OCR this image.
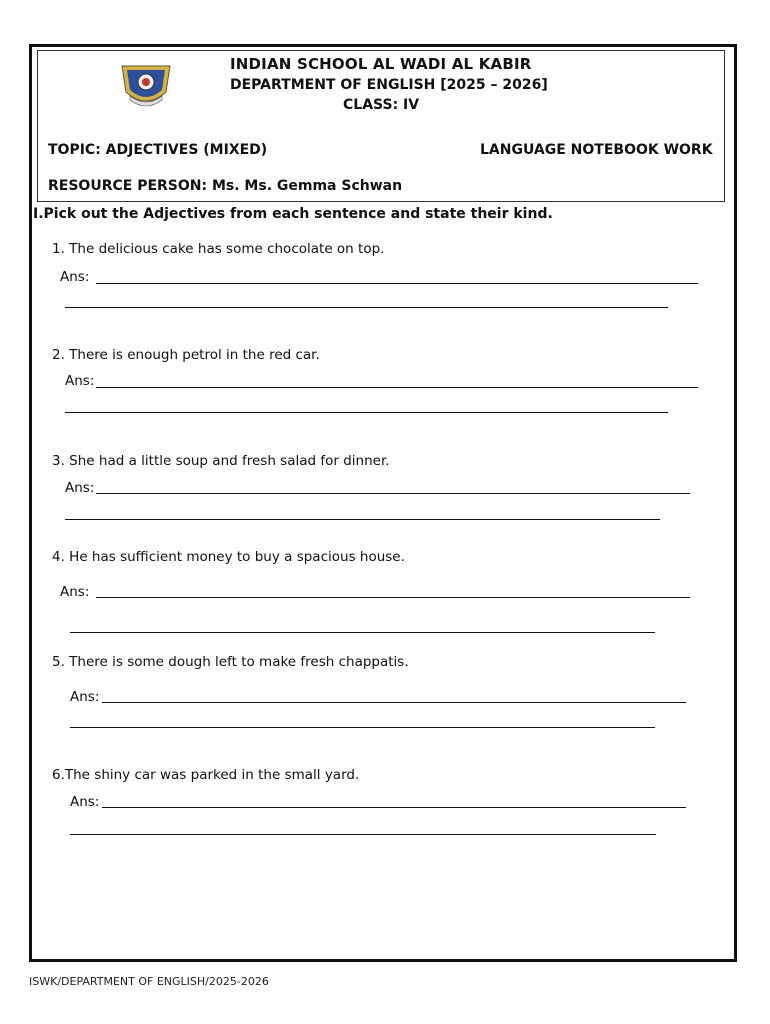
INDIAN SCHOOL AL WADI AL KABIR
DEPARTMENT OF ENGLISH [2025 – 2026]
CLASS: IV
TOPIC: ADJECTIVES (MIXED)	LANGUAGE NOTEBOOK WORK
RESOURCE PERSON: Ms. Ms. Gemma Schwan
I.Pick out the Adjectives from each sentence and state their kind.
1. The delicious cake has some chocolate on top.
Ans:
2. There is enough petrol in the red car.
Ans:
3. She had a little soup and fresh salad for dinner.
Ans:
4. He has sufficient money to buy a spacious house.
Ans:
5. There is some dough left to make fresh chappatis.
Ans:
6.The shiny car was parked in the small yard.
Ans:
ISWK/DEPARTMENT OF ENGLISH/2025-2026
